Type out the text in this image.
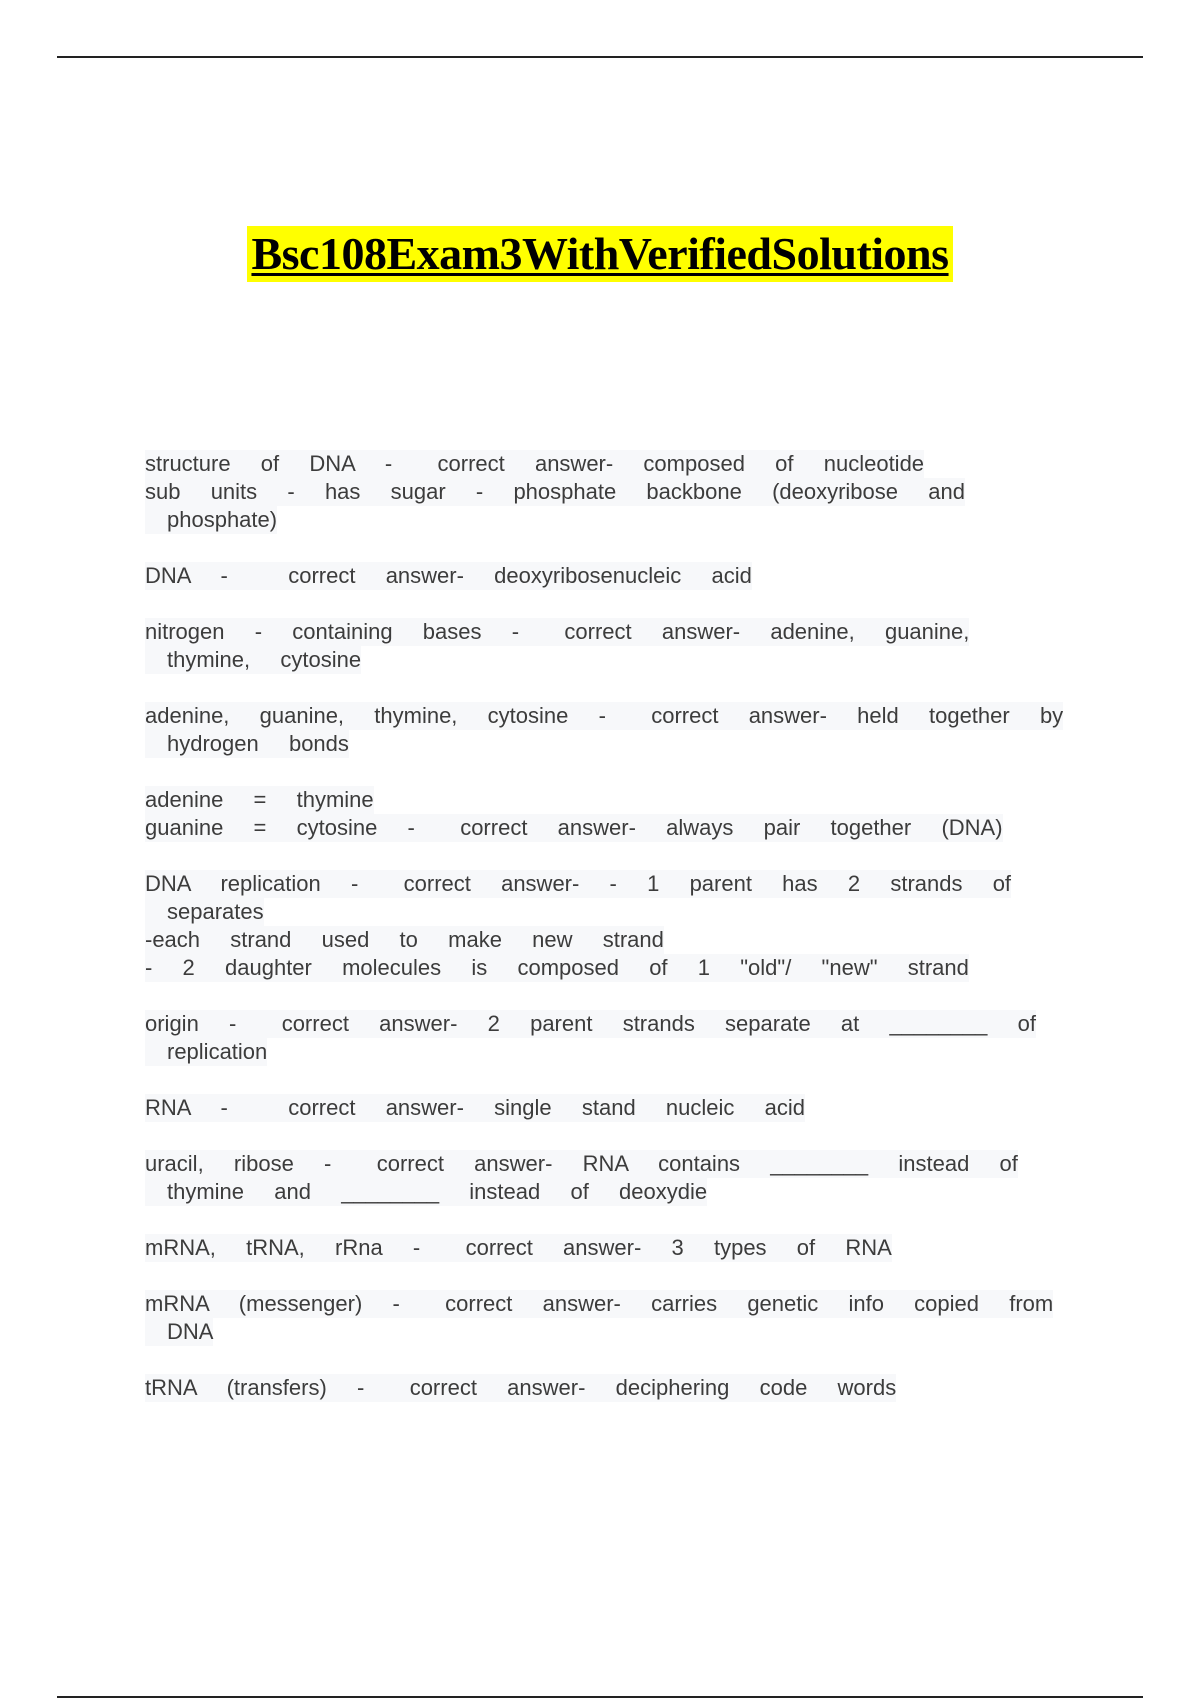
Bsc108Exam3WithVerifiedSolutions
structure  of  DNA  -   correct  answer-  composed  of  nucleotide
sub  units  -  has  sugar  -  phosphate  backbone  (deoxyribose  and
phosphate)
DNA  -    correct  answer-  deoxyribosenucleic  acid
nitrogen  -  containing  bases  -   correct  answer-  adenine,  guanine,
thymine,  cytosine
adenine,  guanine,  thymine,  cytosine  -   correct  answer-  held  together  by
hydrogen  bonds
adenine  =  thymine
guanine  =  cytosine  -   correct  answer-  always  pair  together  (DNA)
DNA  replication  -   correct  answer-  -  1  parent  has  2  strands  of
separates
-each  strand  used  to  make  new  strand
-  2  daughter  molecules  is  composed  of  1  "old"/  "new"  strand
origin  -   correct  answer-  2  parent  strands  separate  at  ________  of
replication
RNA  -    correct  answer-  single  stand  nucleic  acid
uracil,  ribose  -   correct  answer-  RNA  contains  ________  instead  of
thymine  and  ________  instead  of  deoxydie
mRNA,  tRNA,  rRna  -   correct  answer-  3  types  of  RNA
mRNA  (messenger)  -   correct  answer-  carries  genetic  info  copied  from
DNA
tRNA  (transfers)  -   correct  answer-  deciphering  code  words
